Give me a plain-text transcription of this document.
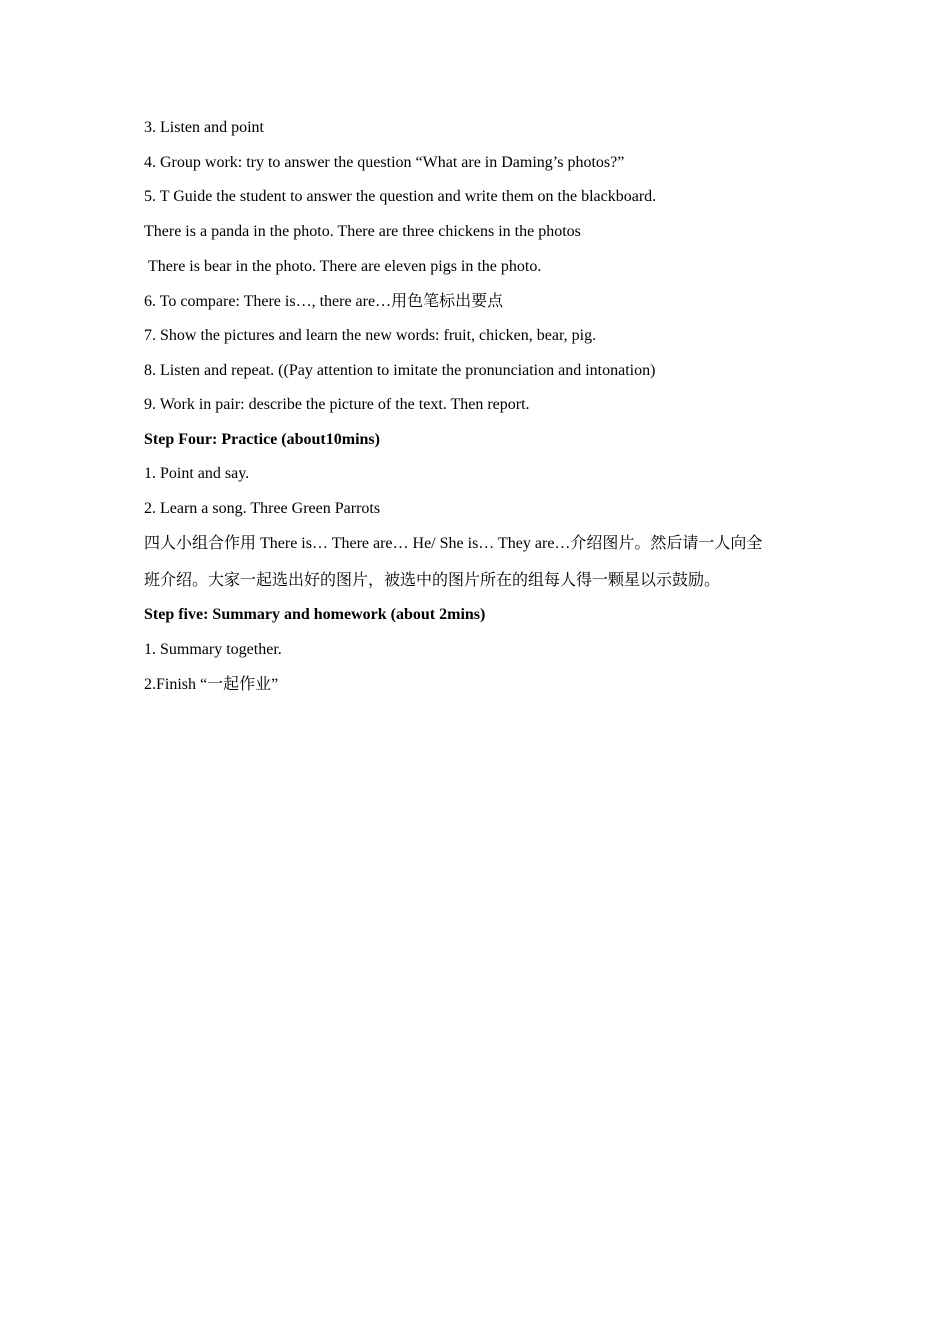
3. Listen and point
4. Group work: try to answer the question “What are in Daming’s photos?”
5. T Guide the student to answer the question and write them on the blackboard.
There is a panda in the photo. There are three chickens in the photos
There is bear in the photo. There are eleven pigs in the photo.
6. To compare: There is…, there are…用色笔标出要点
7. Show the pictures and learn the new words: fruit, chicken, bear, pig.
8. Listen and repeat. ((Pay attention to imitate the pronunciation and intonation)
9. Work in pair: describe the picture of the text. Then report.
Step Four: Practice (about10mins)
1. Point and say.
2. Learn a song. Three Green Parrots
四人小组合作用 There is… There are… He/ She is… They are…介绍图片。然后请一人向全
班介绍。大家一起选出好的图片，被选中的图片所在的组每人得一颗星以示鼓励。
Step five: Summary and homework (about 2mins)
1. Summary together.
2.Finish “一起作业”
